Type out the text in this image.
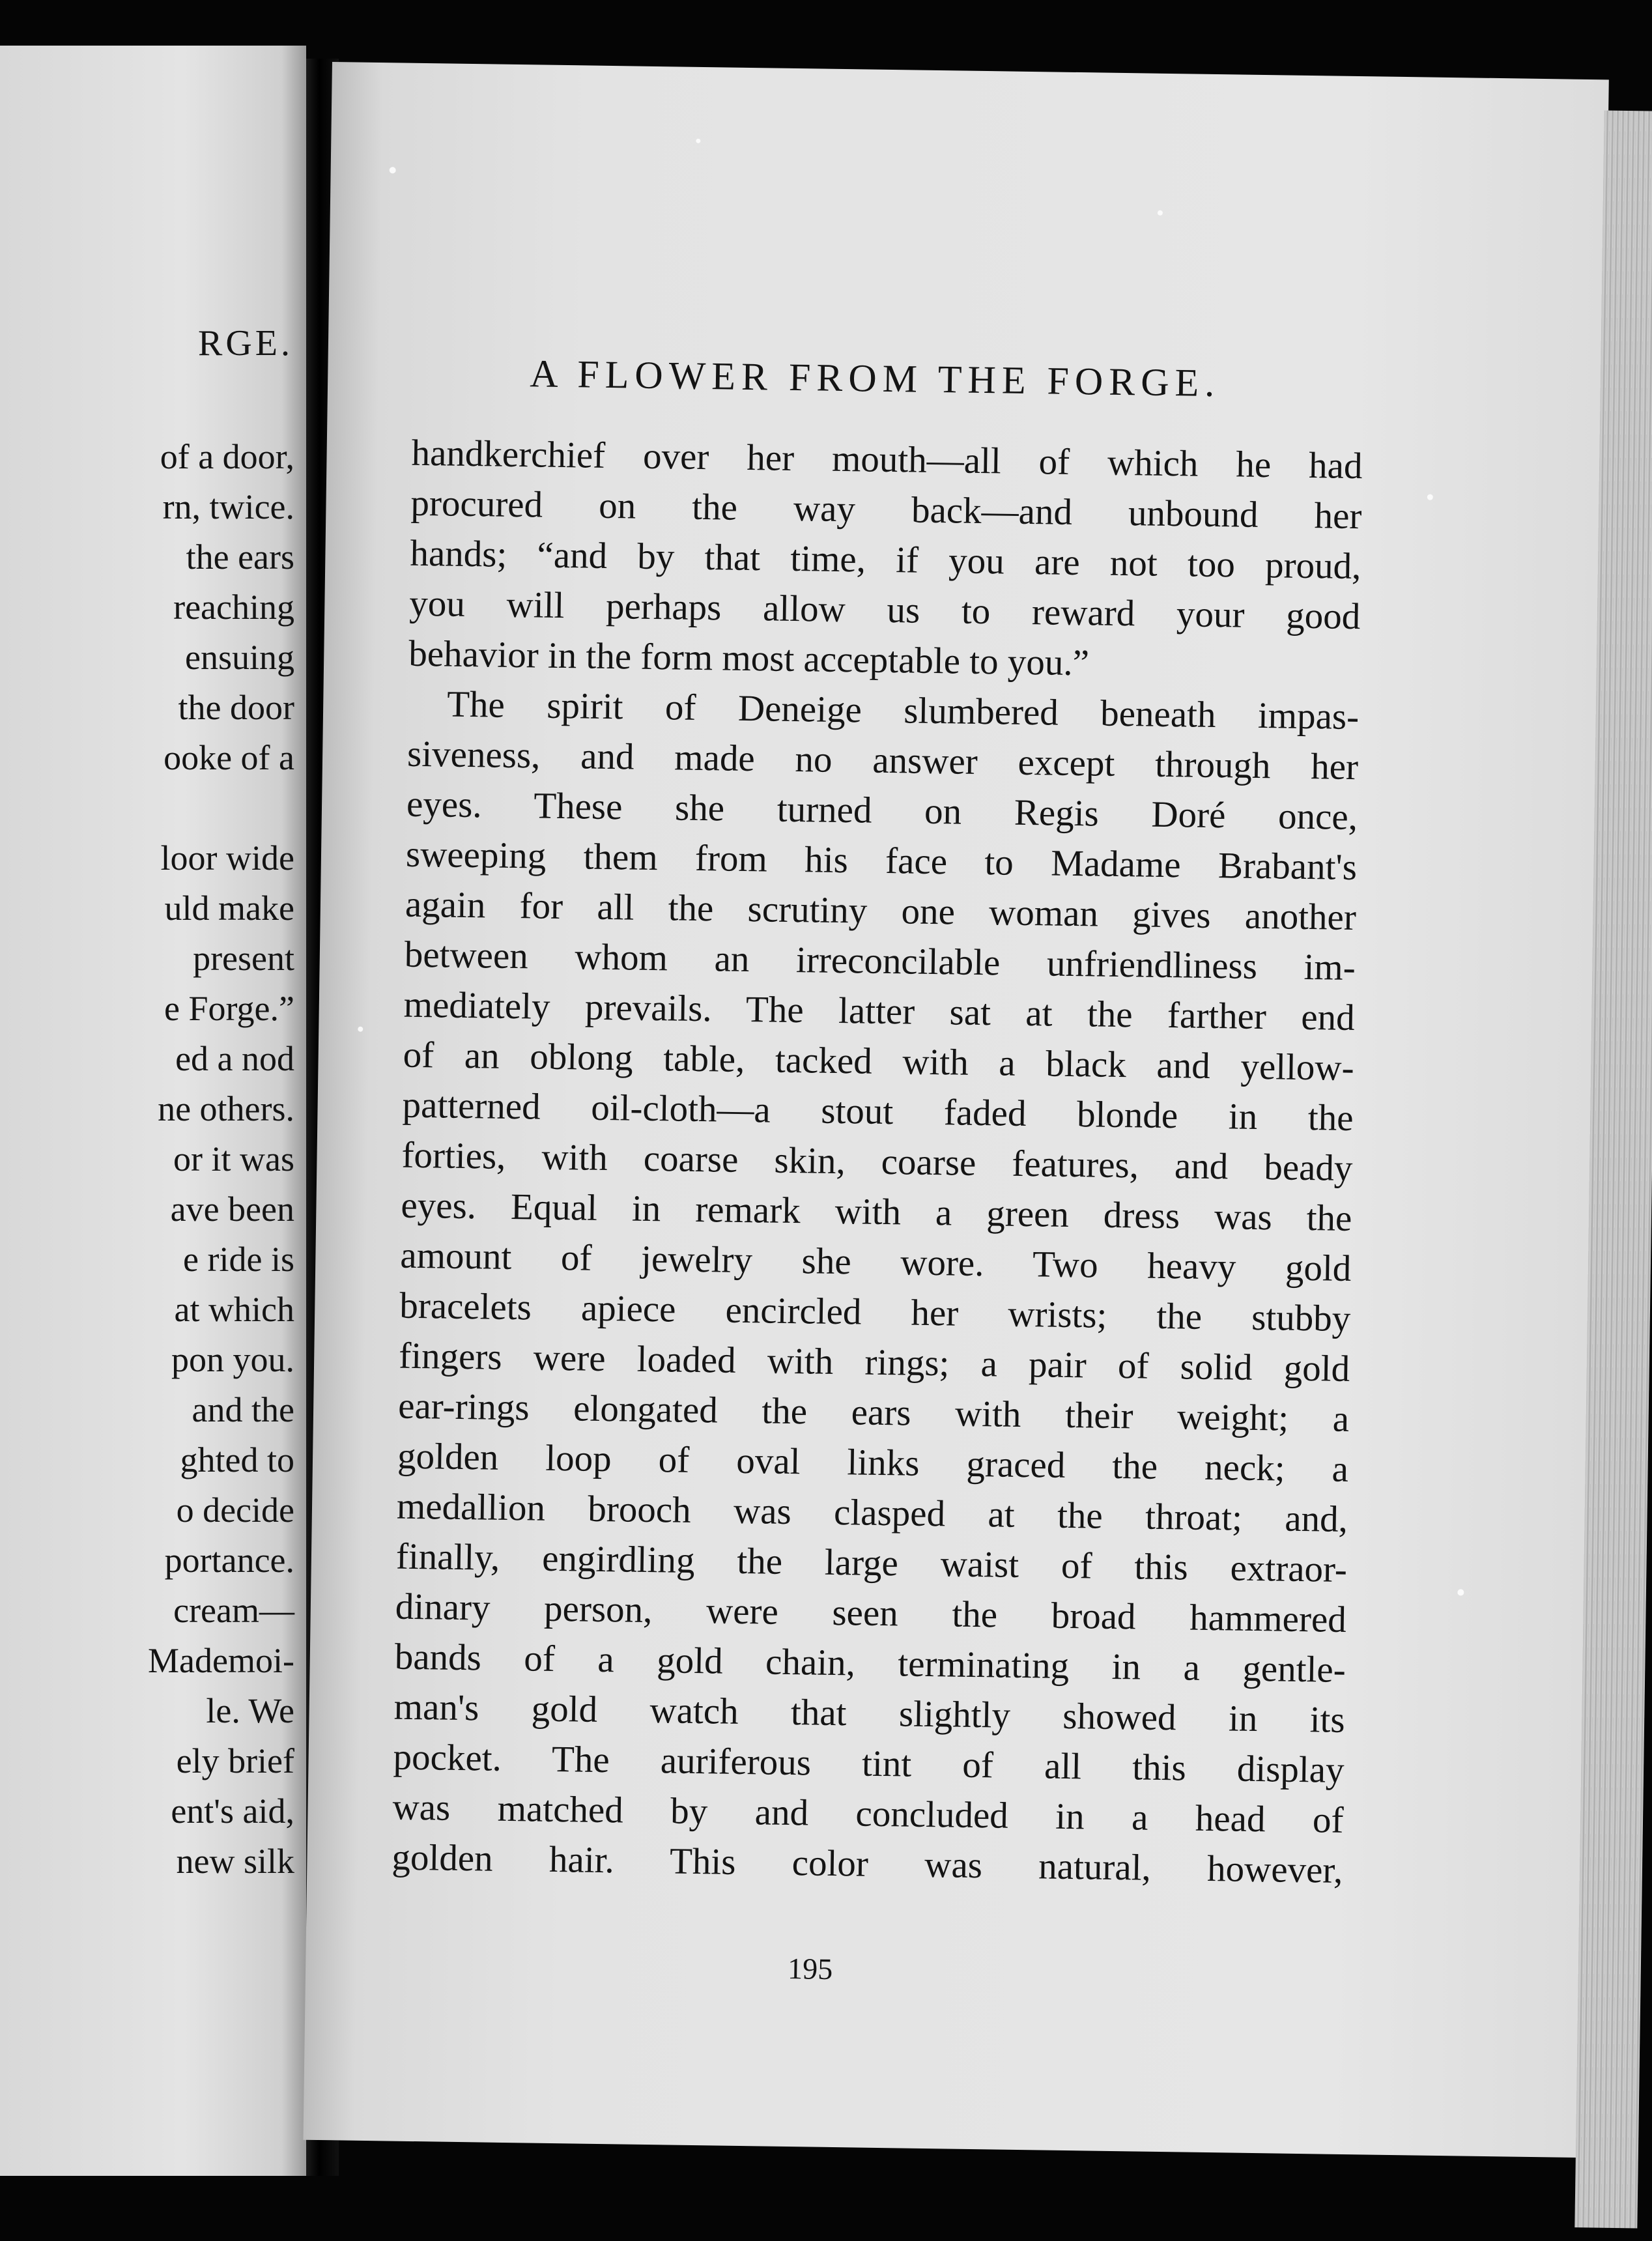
RGE.
of a door,
rn, twice.
the ears
reaching
ensuing
the door
ooke of a
loor wide
uld make
present
e Forge.”
ed a nod
ne others.
or it was
ave been
e ride is
at which
pon you.
and the
ghted to
o decide
portance.
cream—
Mademoi-
le. We
ely brief
ent's aid,
new silk
A FLOWER FROM THE FORGE.
handkerchief over her mouth—all of which he had
procured on the way back—and unbound her
hands; “and by that time, if you are not too proud,
you will perhaps allow us to reward your good
behavior in the form most acceptable to you.”
The spirit of Deneige slumbered beneath impas-
siveness, and made no answer except through her
eyes. These she turned on Regis Doré once,
sweeping them from his face to Madame Brabant's
again for all the scrutiny one woman gives another
between whom an irreconcilable unfriendliness im-
mediately prevails. The latter sat at the farther end
of an oblong table, tacked with a black and yellow-
patterned oil-cloth—a stout faded blonde in the
forties, with coarse skin, coarse features, and beady
eyes. Equal in remark with a green dress was the
amount of jewelry she wore. Two heavy gold
bracelets apiece encircled her wrists; the stubby
fingers were loaded with rings; a pair of solid gold
ear-rings elongated the ears with their weight; a
golden loop of oval links graced the neck; a
medallion brooch was clasped at the throat; and,
finally, engirdling the large waist of this extraor-
dinary person, were seen the broad hammered
bands of a gold chain, terminating in a gentle-
man's gold watch that slightly showed in its
pocket. The auriferous tint of all this display
was matched by and concluded in a head of
golden hair. This color was natural, however,
195
